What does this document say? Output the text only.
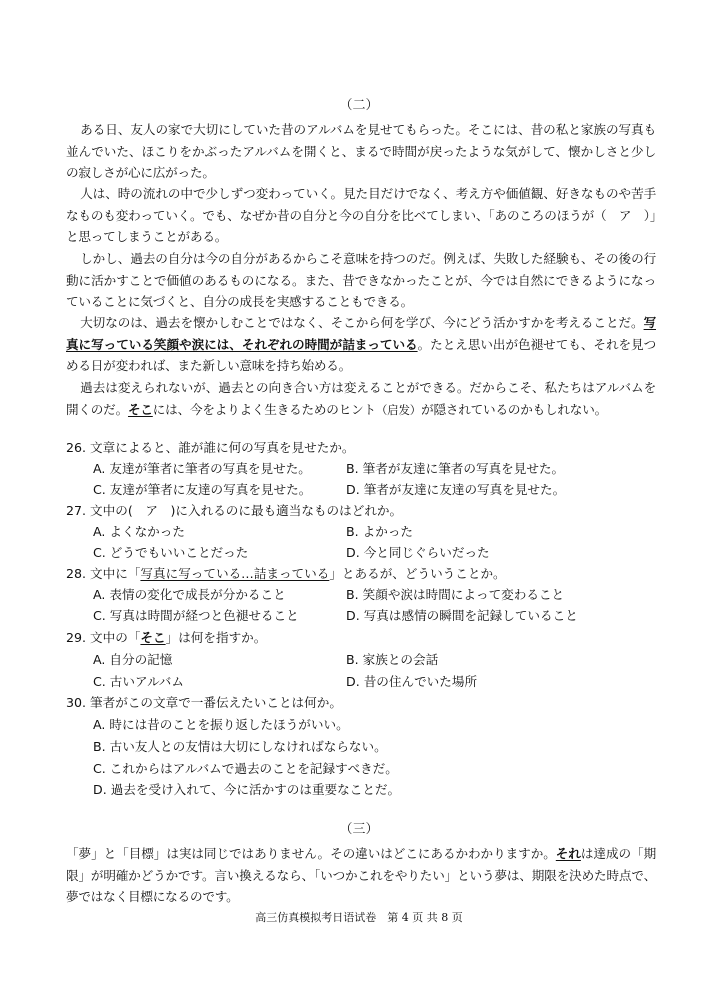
（二）

ある日、友人の家で大切にしていた昔のアルバムを見せてもらった。そこには、昔の私と家族の写真も並んでいた、ほこりをかぶったアルバムを開くと、まるで時間が戻ったような気がして、懐かしさと少しの寂しさが心に広がった。

人は、時の流れの中で少しずつ変わっていく。見た目だけでなく、考え方や価値観、好きなものや苦手なものも変わっていく。でも、なぜか昔の自分と今の自分を比べてしまい、「あのころのほうが（　ア　）」と思ってしまうことがある。

しかし、過去の自分は今の自分があるからこそ意味を持つのだ。例えば、失敗した経験も、その後の行動に活かすことで価値のあるものになる。また、昔できなかったことが、今では自然にできるようになっていることに気づくと、自分の成長を実感することもできる。

大切なのは、過去を懐かしむことではなく、そこから何を学び、今にどう活かすかを考えることだ。写真に写っている笑顔や涙には、それぞれの時間が詰まっている。たとえ思い出が色褪せても、それを見つめる日が変われば、また新しい意味を持ち始める。

過去は変えられないが、過去との向き合い方は変えることができる。だからこそ、私たちはアルバムを開くのだ。そこには、今をよりよく生きるためのヒント（启发）が隠されているのかもしれない。

26. 文章によると、誰が誰に何の写真を見せたか。
A. 友達が筆者に筆者の写真を見せた。	B. 筆者が友達に筆者の写真を見せた。
C. 友達が筆者に友達の写真を見せた。	D. 筆者が友達に友達の写真を見せた。
27. 文中の(　ア　)に入れるのに最も適当なものはどれか。
A. よくなかった	B. よかった
C. どうでもいいことだった	D. 今と同じぐらいだった
28. 文中に「写真に写っている…詰まっている」とあるが、どういうことか。
A. 表情の変化で成長が分かること	B. 笑顔や涙は時間によって変わること
C. 写真は時間が経つと色褪せること	D. 写真は感情の瞬間を記録していること
29. 文中の「そこ」は何を指すか。
A. 自分の記憶	B. 家族との会話
C. 古いアルバム	D. 昔の住んでいた場所
30. 筆者がこの文章で一番伝えたいことは何か。
A. 時には昔のことを振り返したほうがいい。
B. 古い友人との友情は大切にしなければならない。
C. これからはアルバムで過去のことを記録すべきだ。
D. 過去を受け入れて、今に活かすのは重要なことだ。
（三）

「夢」と「目標」は実は同じではありません。その違いはどこにあるかわかりますか。それは達成の「期限」が明確かどうかです。言い換えるなら、「いつかこれをやりたい」という夢は、期限を決めた時点で、夢ではなく目標になるのです。

高三仿真模拟考日语试卷　第 4 页 共 8 页
